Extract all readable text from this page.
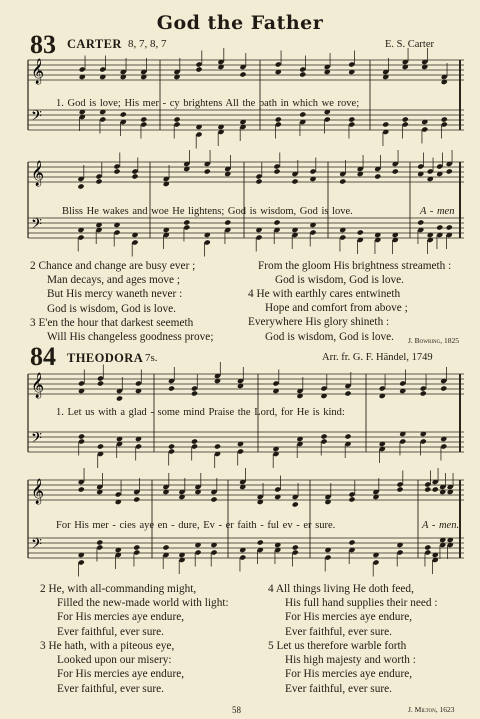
God the Father
83 CARTER 8, 7, 8, 7	E. S. Carter
𝄞
𝄢
1. God is love; His mer - cy brightens All the path in which we rove;
𝄞
𝄢
Bliss He wakes and woe He lightens; God is wisdom, God is love.	A - men
2 Chance and change are busy ever ;
Man decays, and ages move ;
But His mercy waneth never :
God is wisdom, God is love.
3 E'en the hour that darkest seemeth
Will His changeless goodness prove;
From the gloom His brightness streameth :
God is wisdom, God is love.
4 He with earthly cares entwineth
Hope and comfort from above ;
Everywhere His glory shineth :
God is wisdom, God is love.	J. Bowring, 1825
84 THEODORA 7s.	Arr. fr. G. F. Händel, 1749
𝄞
𝄢
1. Let us with a glad - some mind Praise the Lord, for He is kind:
𝄞
𝄢
For His mer - cies aye en - dure, Ev - er faith - ful ev - er sure.	A - men.
2 He, with all-commanding might,
Filled the new-made world with light:
For His mercies aye endure,
Ever faithful, ever sure.
3 He hath, with a piteous eye,
Looked upon our misery:
For His mercies aye endure,
Ever faithful, ever sure.
4 All things living He doth feed,
His full hand supplies their need :
For His mercies aye endure,
Ever faithful, ever sure.
5 Let us therefore warble forth
His high majesty and worth :
For His mercies aye endure,
Ever faithful, ever sure.
58	J. Milton, 1623
